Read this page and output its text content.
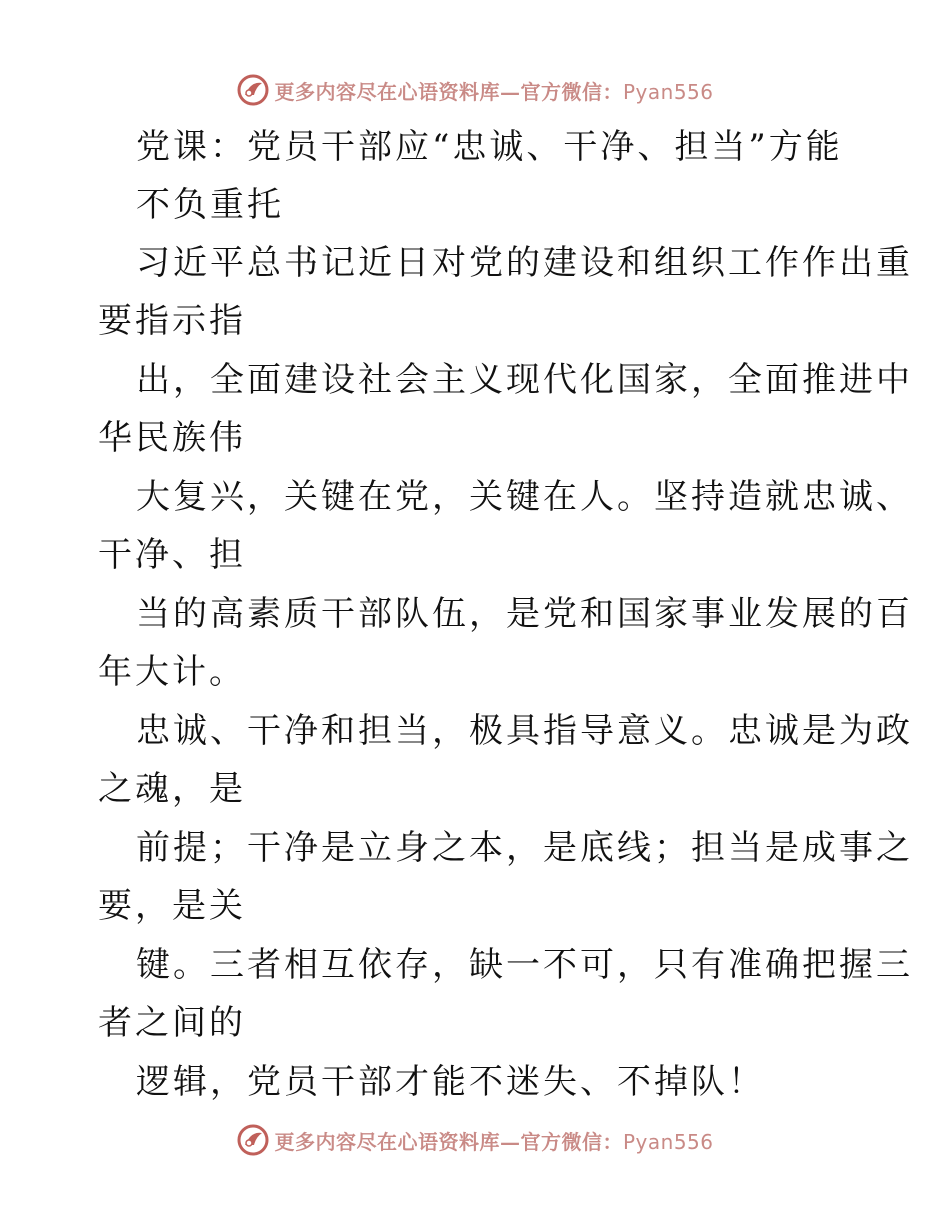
更多内容尽在心语资料库—官方微信：Pyan556
党课：党员干部应“忠诚、干净、担当”方能
不负重托
习近平总书记近日对党的建设和组织工作作出重
要指示指
出，全面建设社会主义现代化国家，全面推进中
华民族伟
大复兴，关键在党，关键在人。坚持造就忠诚、
干净、担
当的高素质干部队伍，是党和国家事业发展的百
年大计。
忠诚、干净和担当，极具指导意义。忠诚是为政
之魂，是
前提；干净是立身之本，是底线；担当是成事之
要，是关
键。三者相互依存，缺一不可，只有准确把握三
者之间的
逻辑，党员干部才能不迷失、不掉队！
更多内容尽在心语资料库—官方微信：Pyan556
